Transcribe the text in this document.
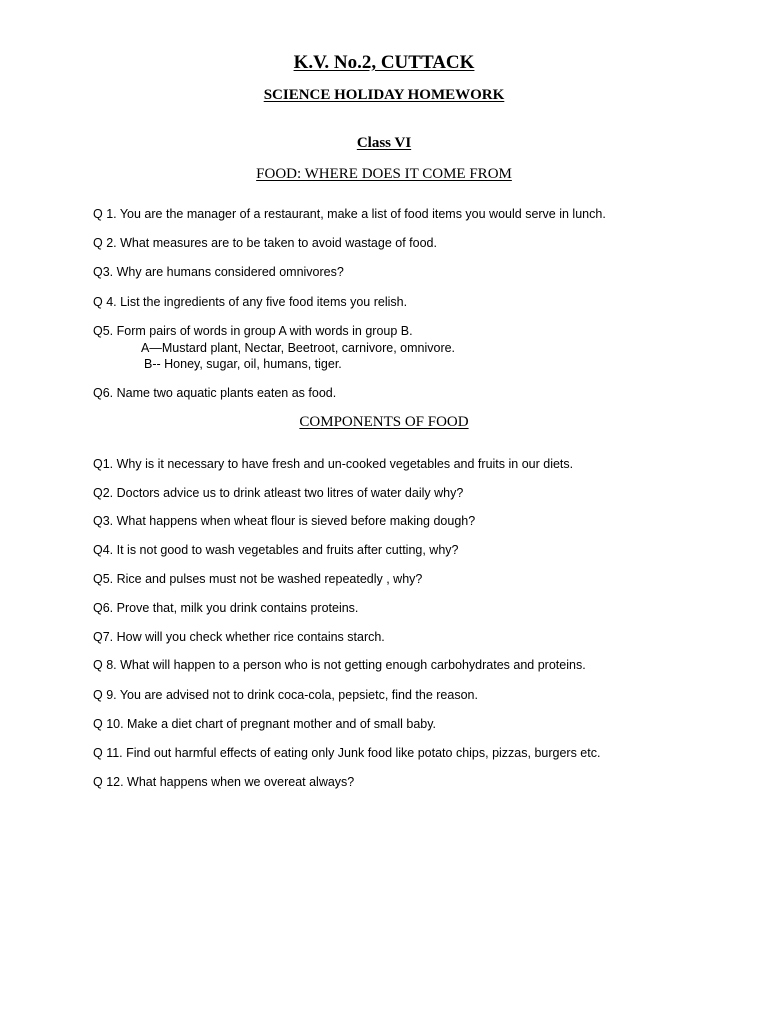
K.V. No.2, CUTTACK
SCIENCE HOLIDAY HOMEWORK
Class VI
FOOD: WHERE DOES IT COME FROM
Q 1. You are the manager of a restaurant, make a list of food items you would serve in lunch.
Q 2. What measures are to be taken to avoid wastage of food.
Q3. Why are humans considered omnivores?
Q 4. List the ingredients of any five food items you relish.
Q5. Form pairs of words in group A with words in group B.
A—Mustard plant, Nectar, Beetroot, carnivore, omnivore.
B-- Honey, sugar, oil, humans, tiger.
Q6. Name two aquatic plants eaten as food.
COMPONENTS OF FOOD
Q1. Why is it necessary to have fresh and un-cooked vegetables and fruits in our diets.
Q2. Doctors advice us to drink atleast two litres of water daily why?
Q3. What happens when wheat flour is sieved before making dough?
Q4. It is not good to wash vegetables and fruits after cutting, why?
Q5. Rice and pulses must not be washed repeatedly , why?
Q6. Prove that, milk you drink contains proteins.
Q7. How will you check whether rice contains starch.
Q 8. What will happen to a person who is not getting enough carbohydrates and proteins.
Q 9. You are advised not to drink coca-cola, pepsietc, find the reason.
Q 10. Make a diet chart of pregnant mother and of small baby.
Q 11. Find out harmful effects of eating only Junk food like potato chips, pizzas, burgers etc.
Q 12. What happens when we overeat always?
